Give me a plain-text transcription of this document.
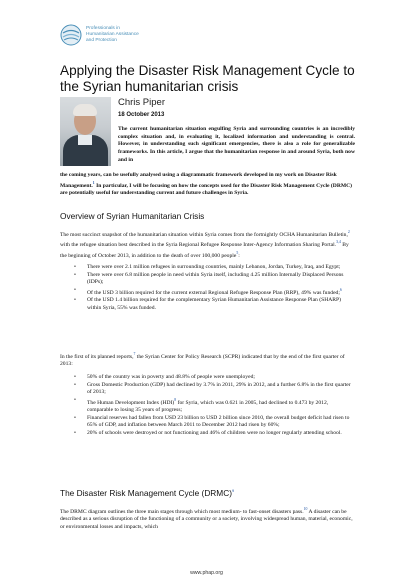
Professionals in
Humanitarian Assistance
and Protection
Applying the Disaster Risk Management Cycle to the Syrian humanitarian crisis
Chris Piper
18 October 2013

The current humanitarian situation engulfing Syria and surrounding countries is an incredibly complex situation and, in evaluating it, localized information and understanding is central. However, in understanding such significant emergencies, there is also a role for generalizable frameworks. In this article, I argue that the humanitarian response in and around Syria, both now and in

the coming years, can be usefully analysed using a diagrammatic framework developed in my work on Disaster Risk Management.$^1$ In particular, I will be focusing on how the concepts used for the Disaster Risk Management Cycle (DRMC) are potentially useful for understanding current and future challenges in Syria.

Overview of Syrian Humanitarian Crisis

The most succinct snapshot of the humanitarian situation within Syria comes from the fortnightly OCHA Humanitarian Bulletin,$^2$ with the refugee situation best described in the Syria Regional Refugee Response Inter-Agency Information Sharing Portal.$^{3,4}$ By the beginning of October 2013, in addition to the death of over 100,000 people$^5$:

• There were over 2.1 million refugees in surrounding countries, mainly Lebanon, Jordan, Turkey, Iraq, and Egypt;
• There were over 6.8 million people in need within Syria itself, including 4.25 million Internally Displaced Persons (IDPs);
• Of the USD 3 billion required for the current external Regional Refugee Response Plan (RRP), 49% was funded;$^6$
• Of the USD 1.4 billion required for the complementary Syrian Humanitarian Assistance Response Plan (SHARP) within Syria, 55% was funded.

In the first of its planned reports,$^7$ the Syrian Center for Policy Research (SCPR) indicated that by the end of the first quarter of 2013:

• 50% of the country was in poverty and 48.8% of people were unemployed;
• Gross Domestic Production (GDP) had declined by 3.7% in 2011, 29% in 2012, and a further 6.8% in the first quarter of 2013;
• The Human Development Index (HDI)$^8$ for Syria, which was 0.621 in 2005, had declined to 0.473 by 2012, comparable to losing 35 years of progress;
• Financial reserves had fallen from USD 23 billion to USD 2 billion since 2010, the overall budget deficit had risen to 65% of GDP, and inflation between March 2011 to December 2012 had risen by 60%;
• 20% of schools were destroyed or not functioning and 46% of children were no longer regularly attending school.
The Disaster Risk Management Cycle (DRMC)$^9$

The DRMC diagram outlines the three main stages through which most medium- to fast-onset disasters pass.$^{10}$ A disaster can be described as a serious disruption of the functioning of a community or a society, involving widespread human, material, economic, or environmental losses and impacts, which

www.phap.org
